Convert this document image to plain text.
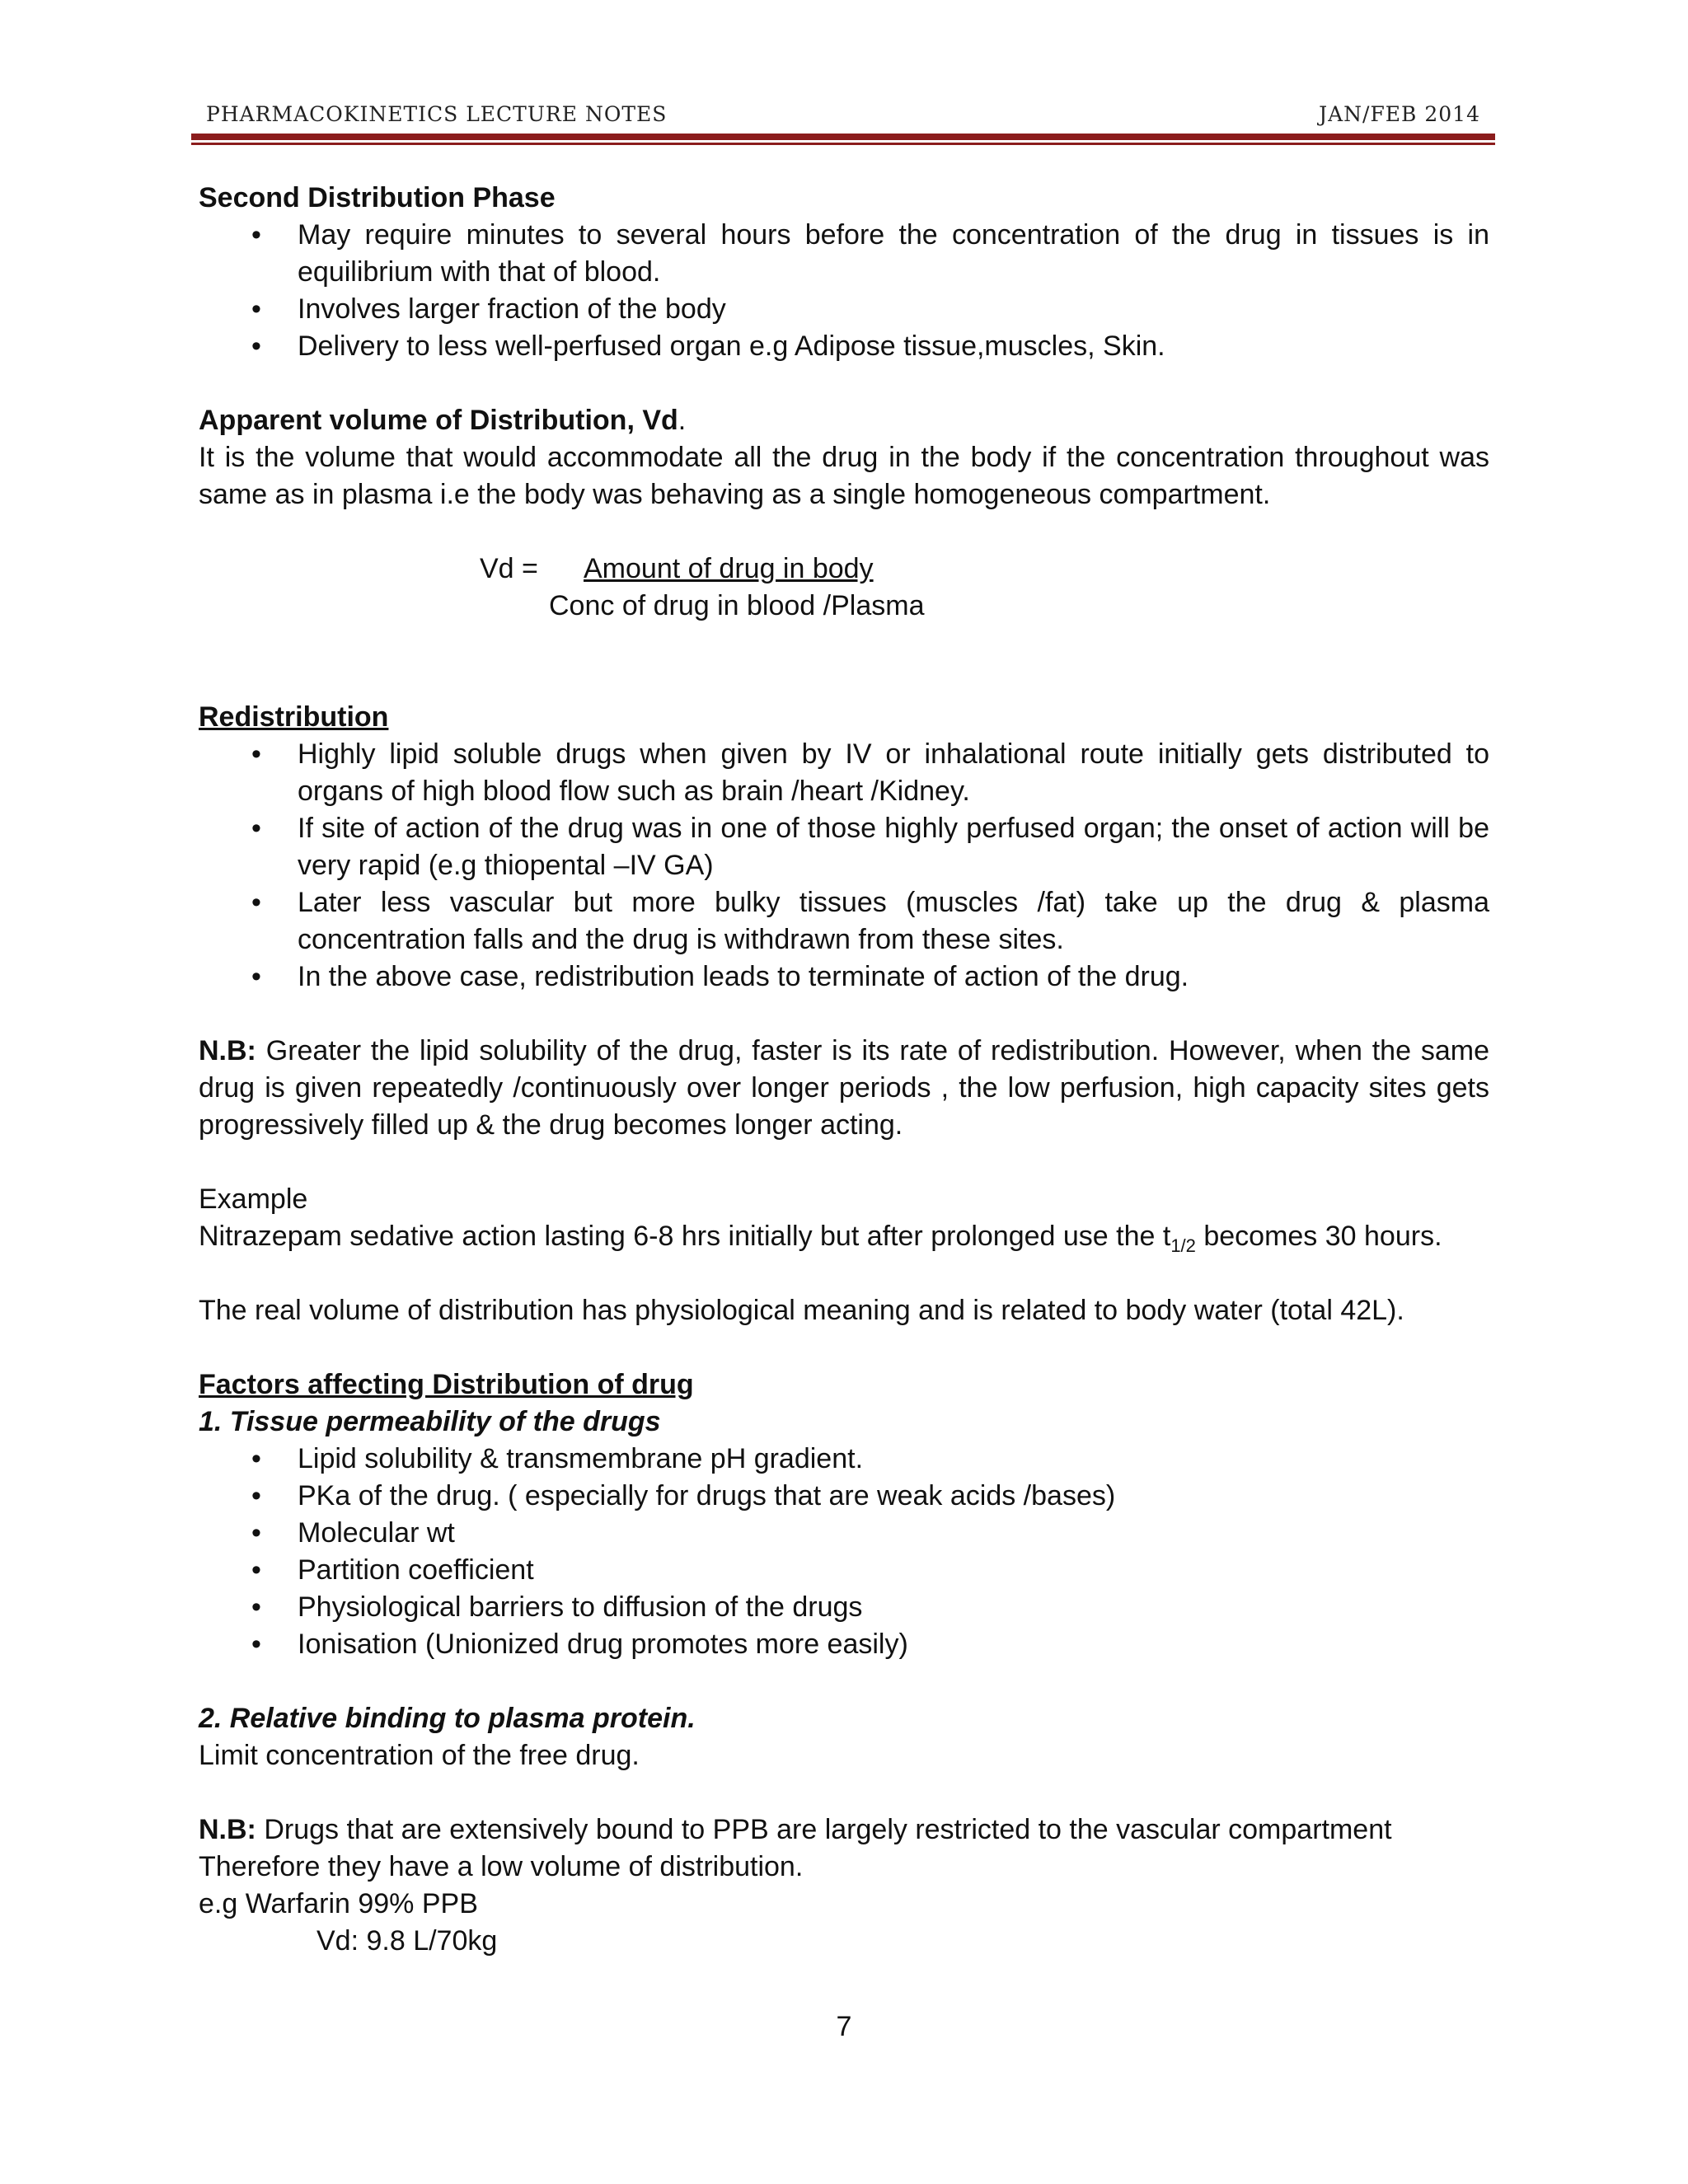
PHARMACOKINETICS LECTURE NOTES	JAN/FEB 2014

Second Distribution Phase

• May require minutes to several hours before the concentration of the drug in tissues is in equilibrium with that of blood.
• Involves larger fraction of the body
• Delivery to less well-perfused organ e.g Adipose tissue,muscles, Skin.

Apparent volume of Distribution, Vd.

It is the volume that would accommodate all the drug in the body if the concentration throughout was same as in plasma i.e the body was behaving as a single homogeneous compartment.

Vd = Amount of drug in body
Conc of drug in blood /Plasma

Redistribution

• Highly lipid soluble drugs when given by IV or inhalational route initially gets distributed to organs of high blood flow such as brain /heart /Kidney.
• If site of action of the drug was in one of those highly perfused organ; the onset of action will be very rapid (e.g thiopental –IV GA)
• Later less vascular but more bulky tissues (muscles /fat) take up the drug & plasma concentration falls and the drug is withdrawn from these sites.
• In the above case, redistribution leads to terminate of action of the drug.

N.B: Greater the lipid solubility of the drug, faster is its rate of redistribution. However, when the same drug is given repeatedly /continuously over longer periods , the low perfusion, high capacity sites gets progressively filled up & the drug becomes longer acting.

Example

Nitrazepam sedative action lasting 6-8 hrs initially but after prolonged use the $t_{1/2}$ becomes 30 hours.

The real volume of distribution has physiological meaning and is related to body water (total 42L).

Factors affecting Distribution of drug

1. Tissue permeability of the drugs

• Lipid solubility & transmembrane pH gradient.
• PKa of the drug. ( especially for drugs that are weak acids /bases)
• Molecular wt
• Partition coefficient
• Physiological barriers to diffusion of the drugs
• Ionisation (Unionized drug promotes more easily)

2. Relative binding to plasma protein.

Limit concentration of the free drug.

N.B: Drugs that are extensively bound to PPB are largely restricted to the vascular compartment

Therefore they have a low volume of distribution.

e.g Warfarin 99% PPB

Vd: 9.8 L/70kg

7
